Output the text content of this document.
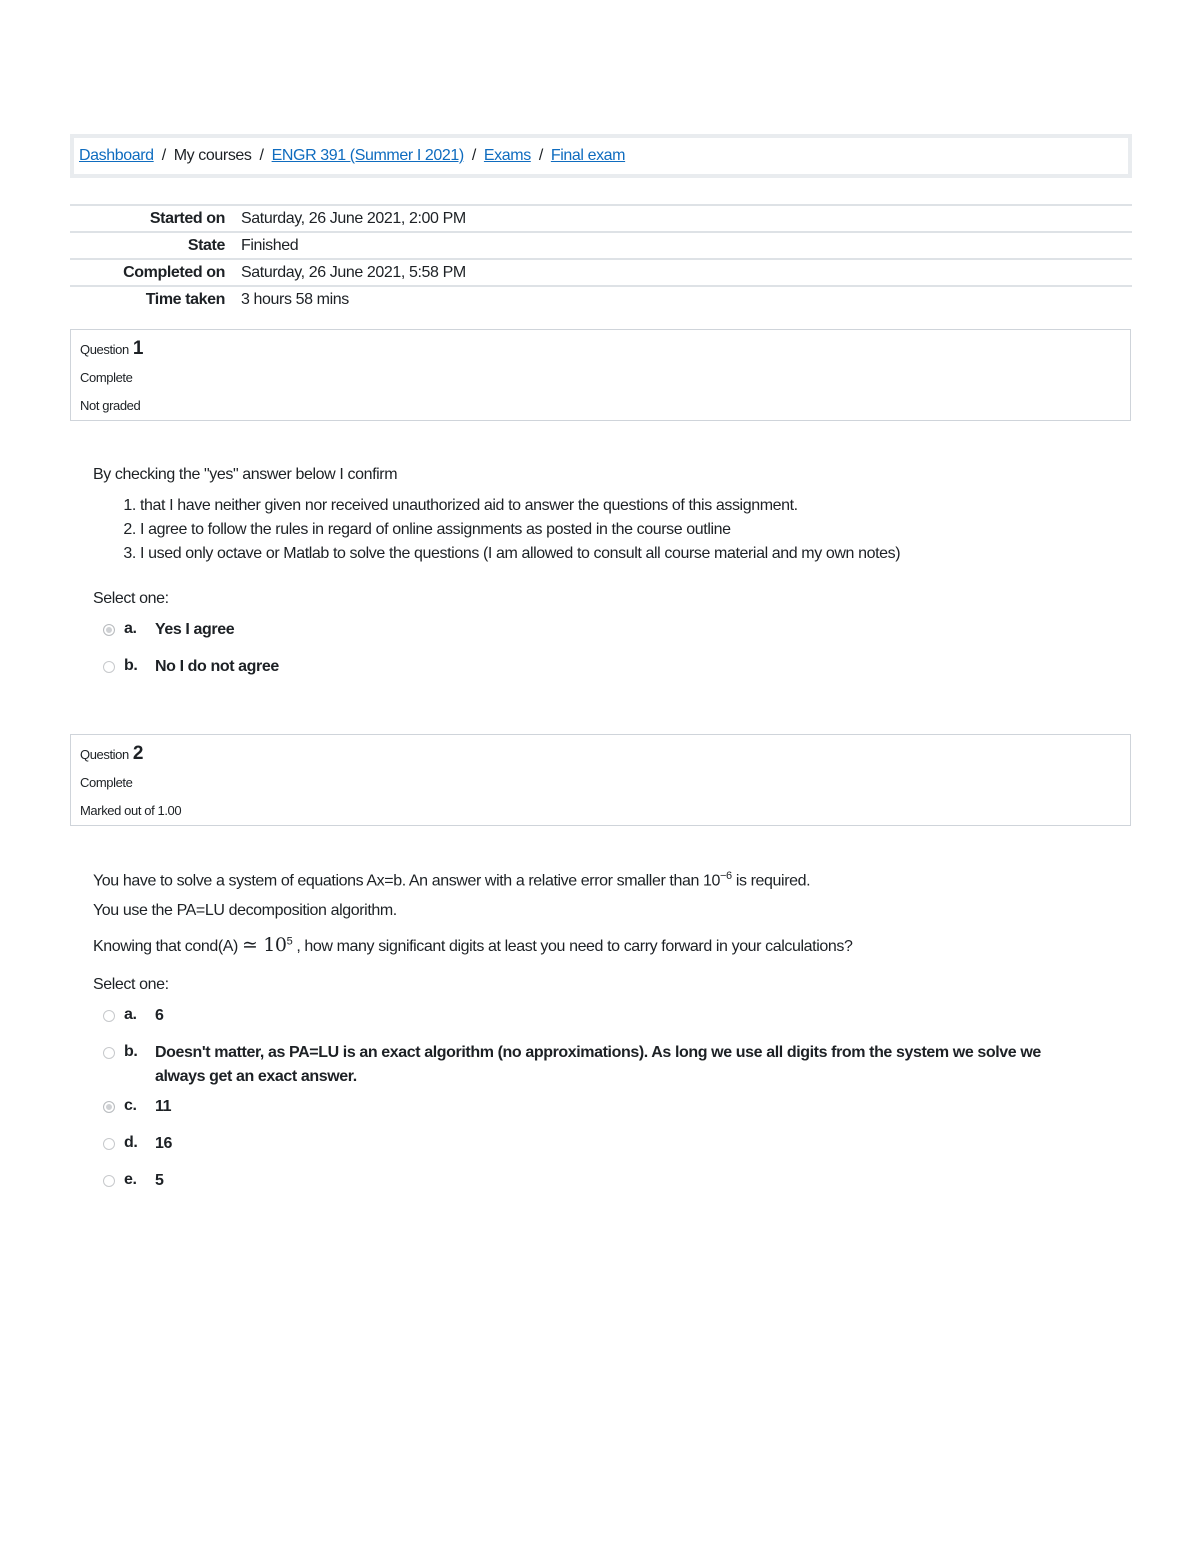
Dashboard / My courses / ENGR 391 (Summer I 2021) / Exams / Final exam
Started on	Saturday, 26 June 2021, 2:00 PM
State	Finished
Completed on	Saturday, 26 June 2021, 5:58 PM
Time taken	3 hours 58 mins
Question 1
Complete
Not graded

By checking the "yes" answer below I confirm

1. that I have neither given nor received unauthorized aid to answer the questions of this assignment.
2. I agree to follow the rules in regard of online assignments as posted in the course outline
3. I used only octave or Matlab to solve the questions (I am allowed to consult all course material and my own notes)
Select one:
a.	Yes I agree
b.	No I do not agree
Question 2
Complete
Marked out of 1.00

You have to solve a system of equations Ax=b. An answer with a relative error smaller than $10^{-6}$ is required.

You use the PA=LU decomposition algorithm.

Knowing that cond(A) ≃ $10^5$ , how many significant digits at least you need to carry forward in your calculations?

Select one:
a.	6
b.	Doesn't matter, as PA=LU is an exact algorithm (no approximations). As long we use all digits from the system we solve we always get an exact answer.
c.	11
d.	16
e.	5
